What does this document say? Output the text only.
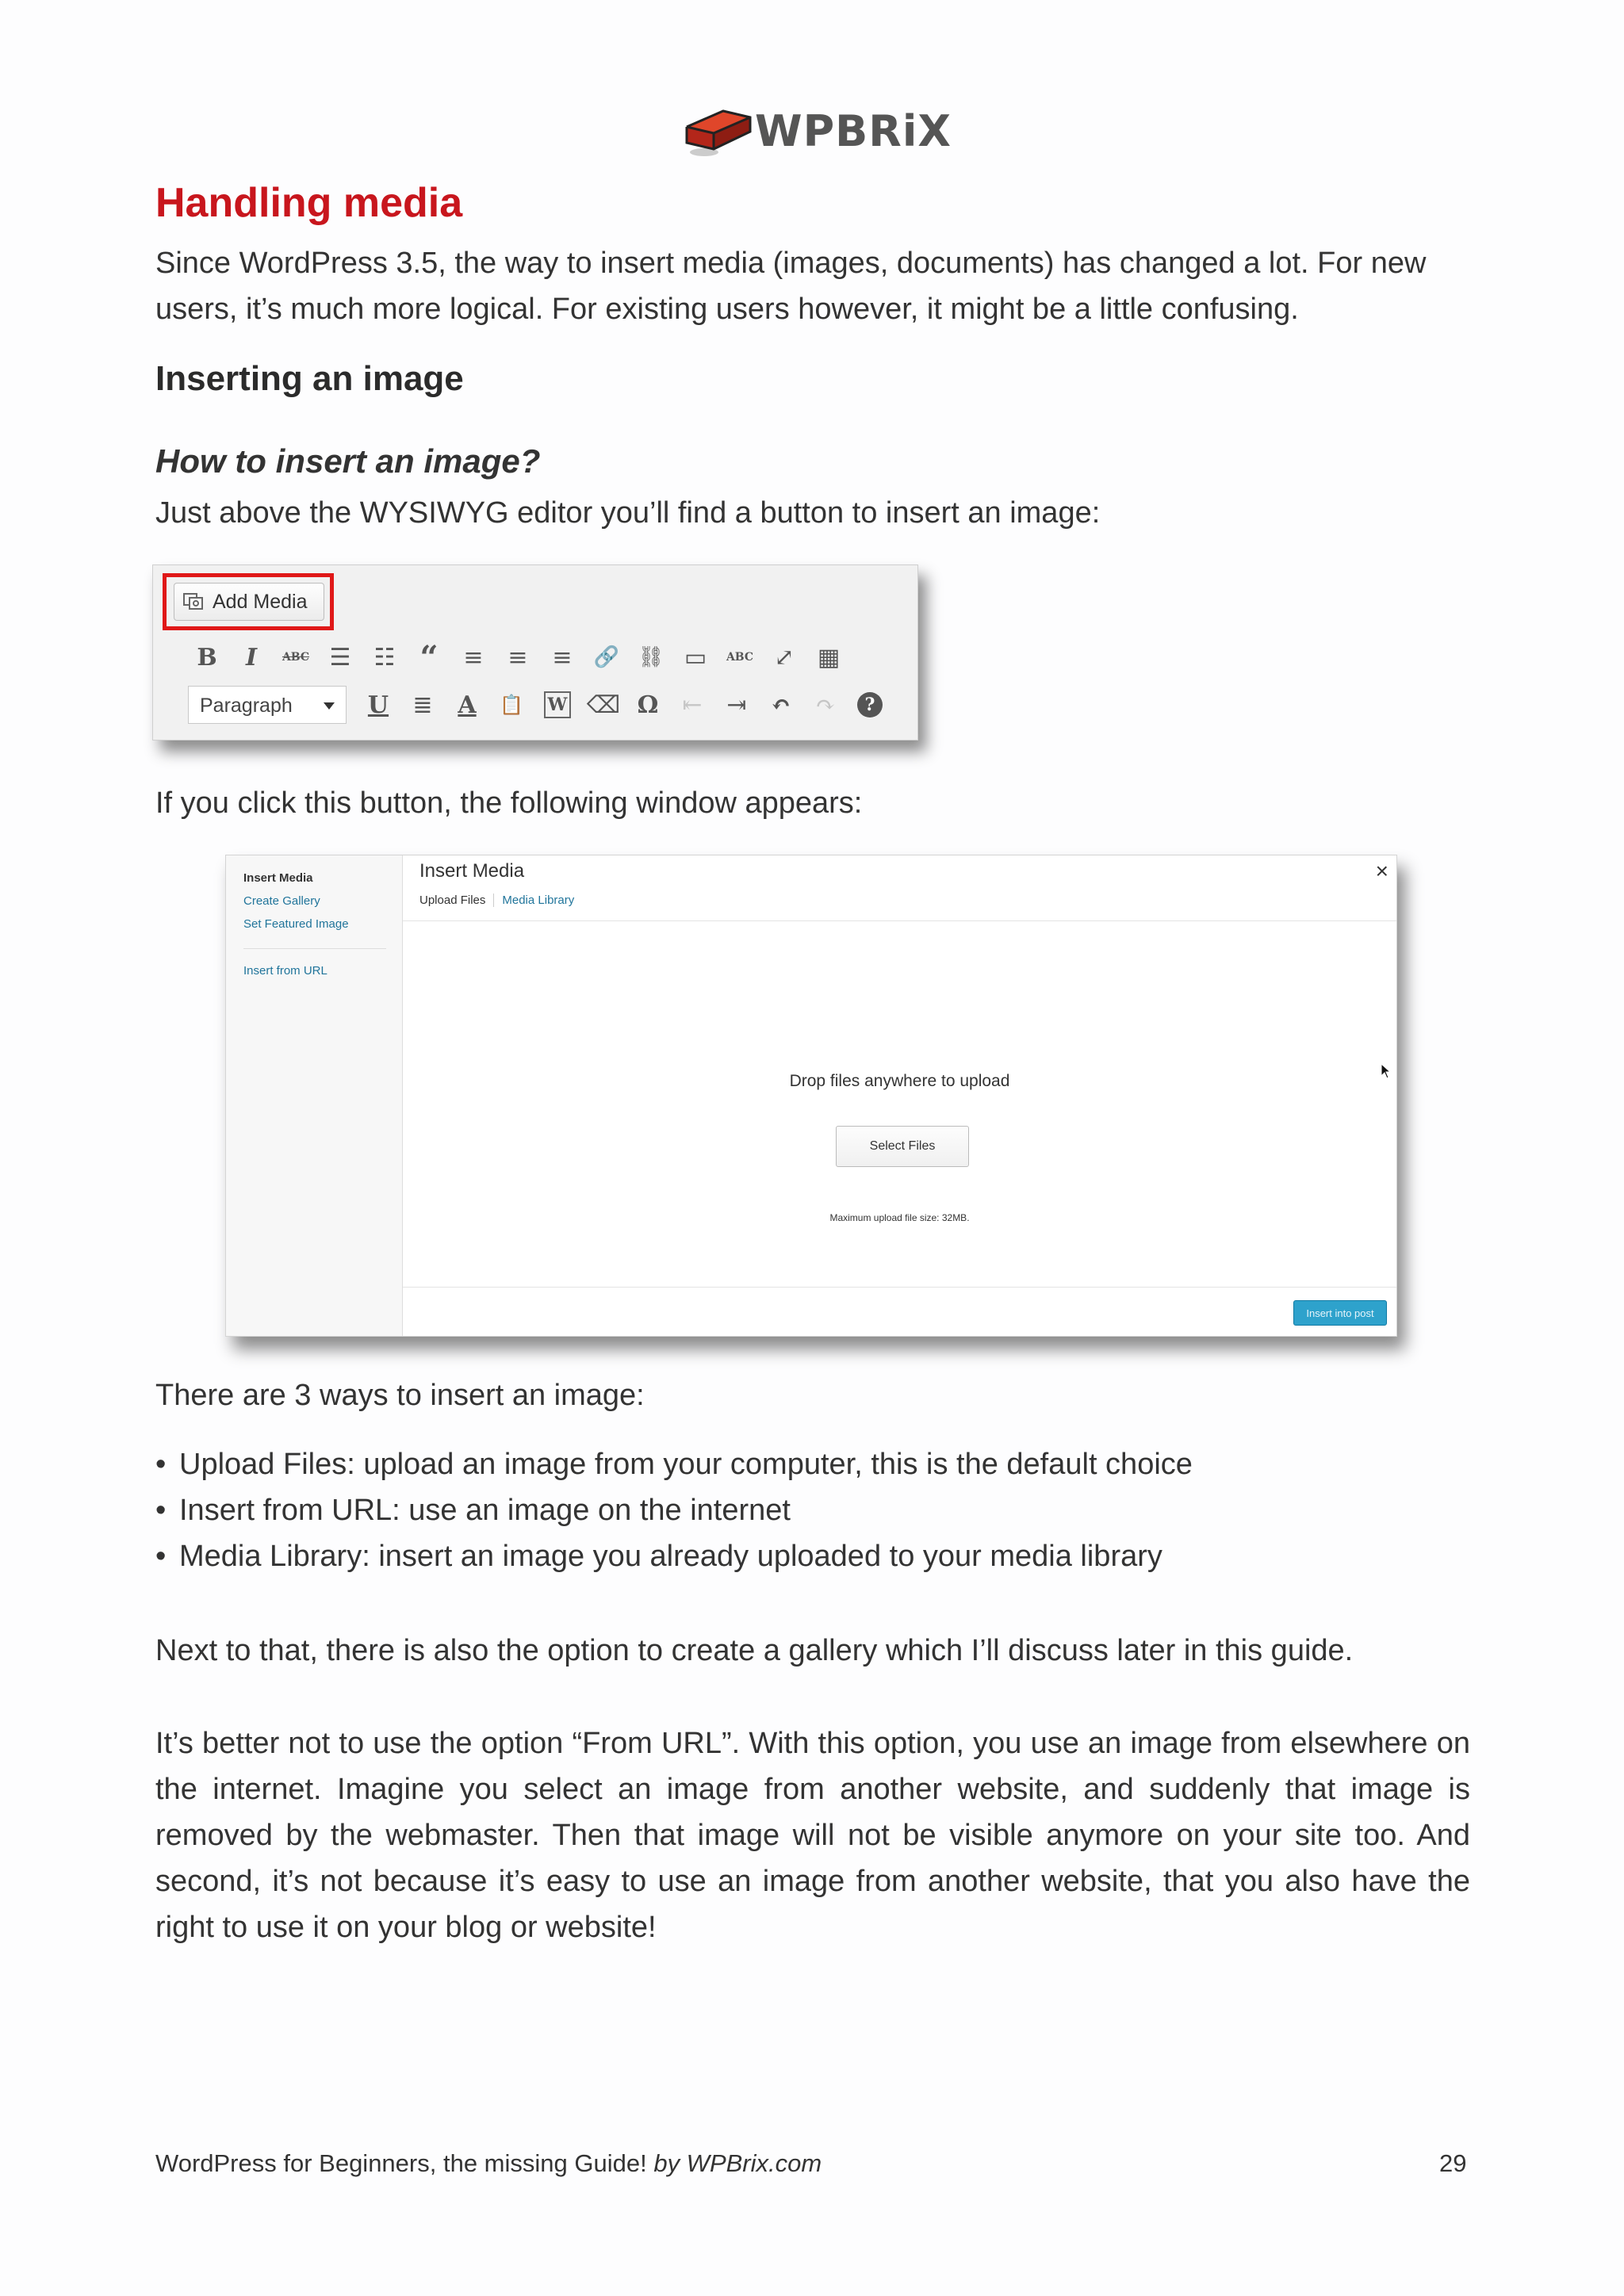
WPBRiX
Handling media
Since WordPress 3.5, the way to insert media (images, documents) has changed a lot. For new users, it’s much more logical. For existing users however, it might be a little confusing.
Inserting an image
How to insert an image?
Just above the WYSIWYG editor you’ll find a button to insert an image:
Add Media
B	I	ABC ☰ ☷ “	≡	≡	≡	🔗 ⛓ ▭	ABC ⤢ ▦
Paragraph	U	≣	A	📋	W ⌫ Ω	⇤	⇥	↶	↷	?
If you click this button, the following window appears:
Insert Media
Create Gallery
Set Featured Image
Insert from URL
Insert Media	×
Upload Files Media Library
Drop files anywhere to upload
Select Files
Maximum upload file size: 32MB.
Insert into post
There are 3 ways to insert an image:
• Upload Files: upload an image from your computer, this is the default choice
• Insert from URL: use an image on the internet
• Media Library: insert an image you already uploaded to your media library
Next to that, there is also the option to create a gallery which I’ll discuss later in this guide.
It’s better not to use the option “From URL”. With this option, you use an image from elsewhere on the internet. Imagine you select an image from another website, and suddenly that image is removed by the webmaster. Then that image will not be visible anymore on your site too. And second, it’s not because it’s easy to use an image from another website, that you also have the right to use it on your blog or website!
WordPress for Beginners, the missing Guide! by WPBrix.com	29
